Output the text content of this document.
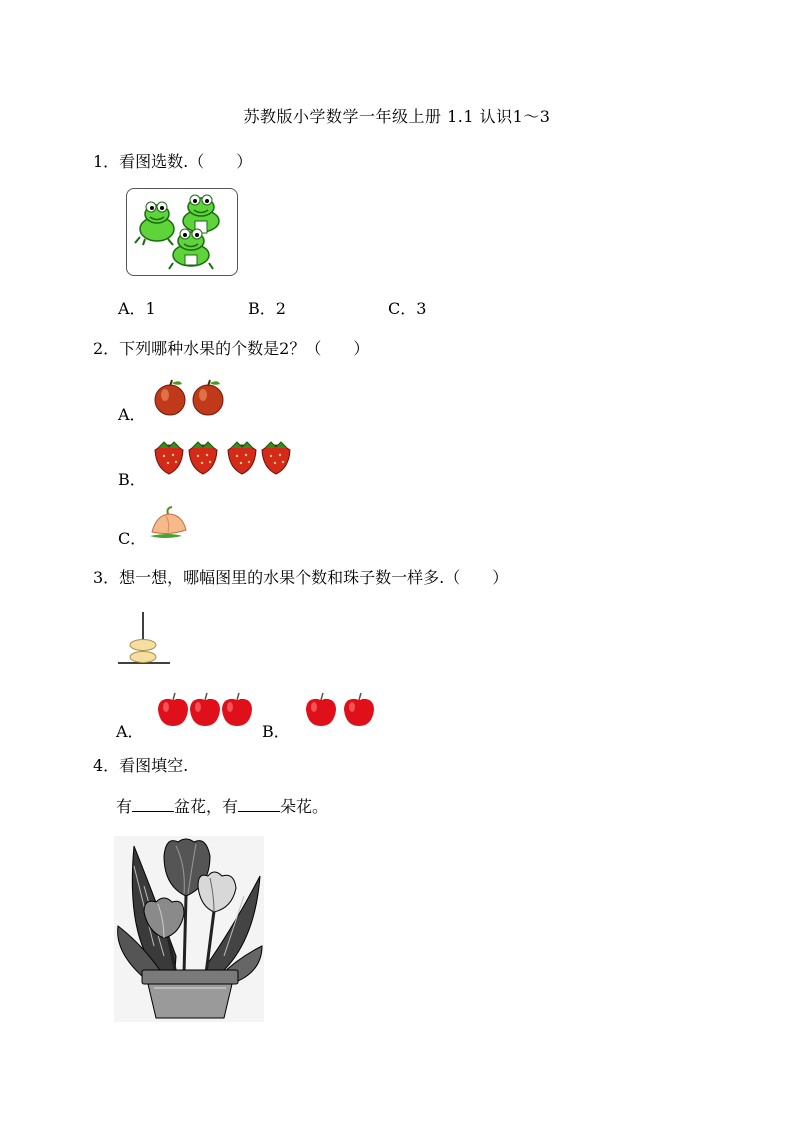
苏教版小学数学一年级上册 1.1 认识1～3
1．看图选数.（　　）
A．1	B．2	C．3
2．下列哪种水果的个数是2？（　　）
A．
B．
C．
3．想一想，哪幅图里的水果个数和珠子数一样多.（　　）
A．	B．
4．看图填空.
有	盆花，有	朵花。
